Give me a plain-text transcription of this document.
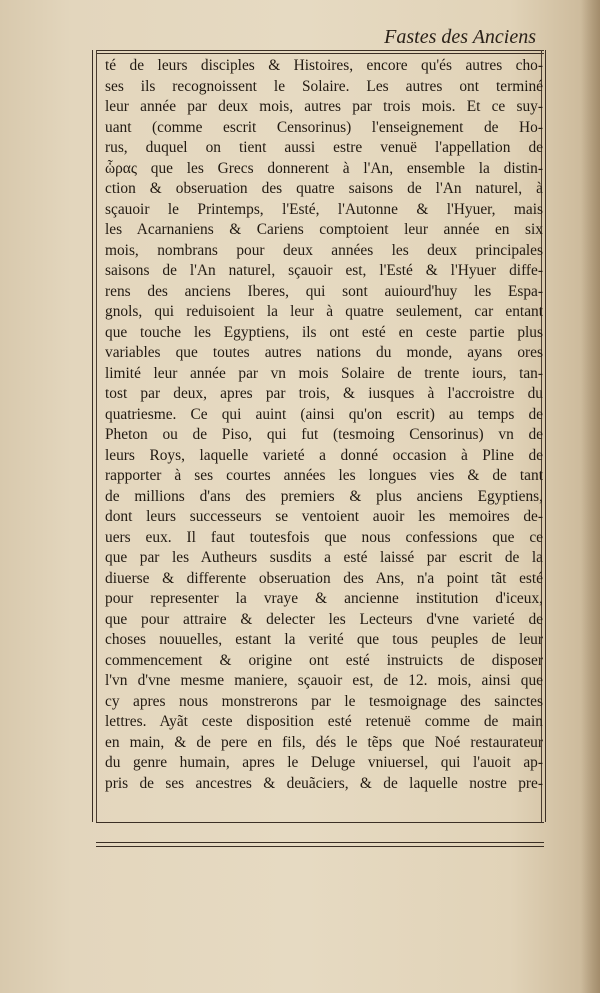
Fastes des Anciens
té de leurs disciples & Histoires, encore qu'és autres cho-
ses ils recognoissent le Solaire. Les autres ont terminé
leur année par deux mois, autres par trois mois. Et ce suy-
uant (comme escrit Censorinus) l'enseignement de Ho-
rus, duquel on tient aussi estre venuë l'appellation de
ὧρας que les Grecs donnerent à l'An, ensemble la distin-
ction & obseruation des quatre saisons de l'An naturel, à
sçauoir le Printemps, l'Esté, l'Autonne & l'Hyuer, mais
les Acarnaniens & Cariens comptoient leur année en six
mois, nombrans pour deux années les deux principales
saisons de l'An naturel, sçauoir est, l'Esté & l'Hyuer diffe-
rens des anciens Iberes, qui sont auiourd'huy les Espa-
gnols, qui reduisoient la leur à quatre seulement, car entant
que touche les Egyptiens, ils ont esté en ceste partie plus
variables que toutes autres nations du monde, ayans ores
limité leur année par vn mois Solaire de trente iours, tan-
tost par deux, apres par trois, & iusques à l'accroistre du
quatriesme. Ce qui auint (ainsi qu'on escrit) au temps de
Pheton ou de Piso, qui fut (tesmoing Censorinus) vn de
leurs Roys, laquelle varieté a donné occasion à Pline de
rapporter à ses courtes années les longues vies & de tant
de millions d'ans des premiers & plus anciens Egyptiens,
dont leurs successeurs se ventoient auoir les memoires de-
uers eux. Il faut toutesfois que nous confessions que ce
que par les Autheurs susdits a esté laissé par escrit de la
diuerse & differente obseruation des Ans, n'a point tãt esté
pour representer la vraye & ancienne institution d'iceux,
que pour attraire & delecter les Lecteurs d'vne varieté de
choses nouuelles, estant la verité que tous peuples de leur
commencement & origine ont esté instruicts de disposer
l'vn d'vne mesme maniere, sçauoir est, de 12. mois, ainsi que
cy apres nous monstrerons par le tesmoignage des sainctes
lettres. Ayãt ceste disposition esté retenuë comme de main
en main, & de pere en fils, dés le tẽps que Noé restaurateur
du genre humain, apres le Deluge vniuersel, qui l'auoit ap-
pris de ses ancestres & deuãciers, & de laquelle nostre pre-
